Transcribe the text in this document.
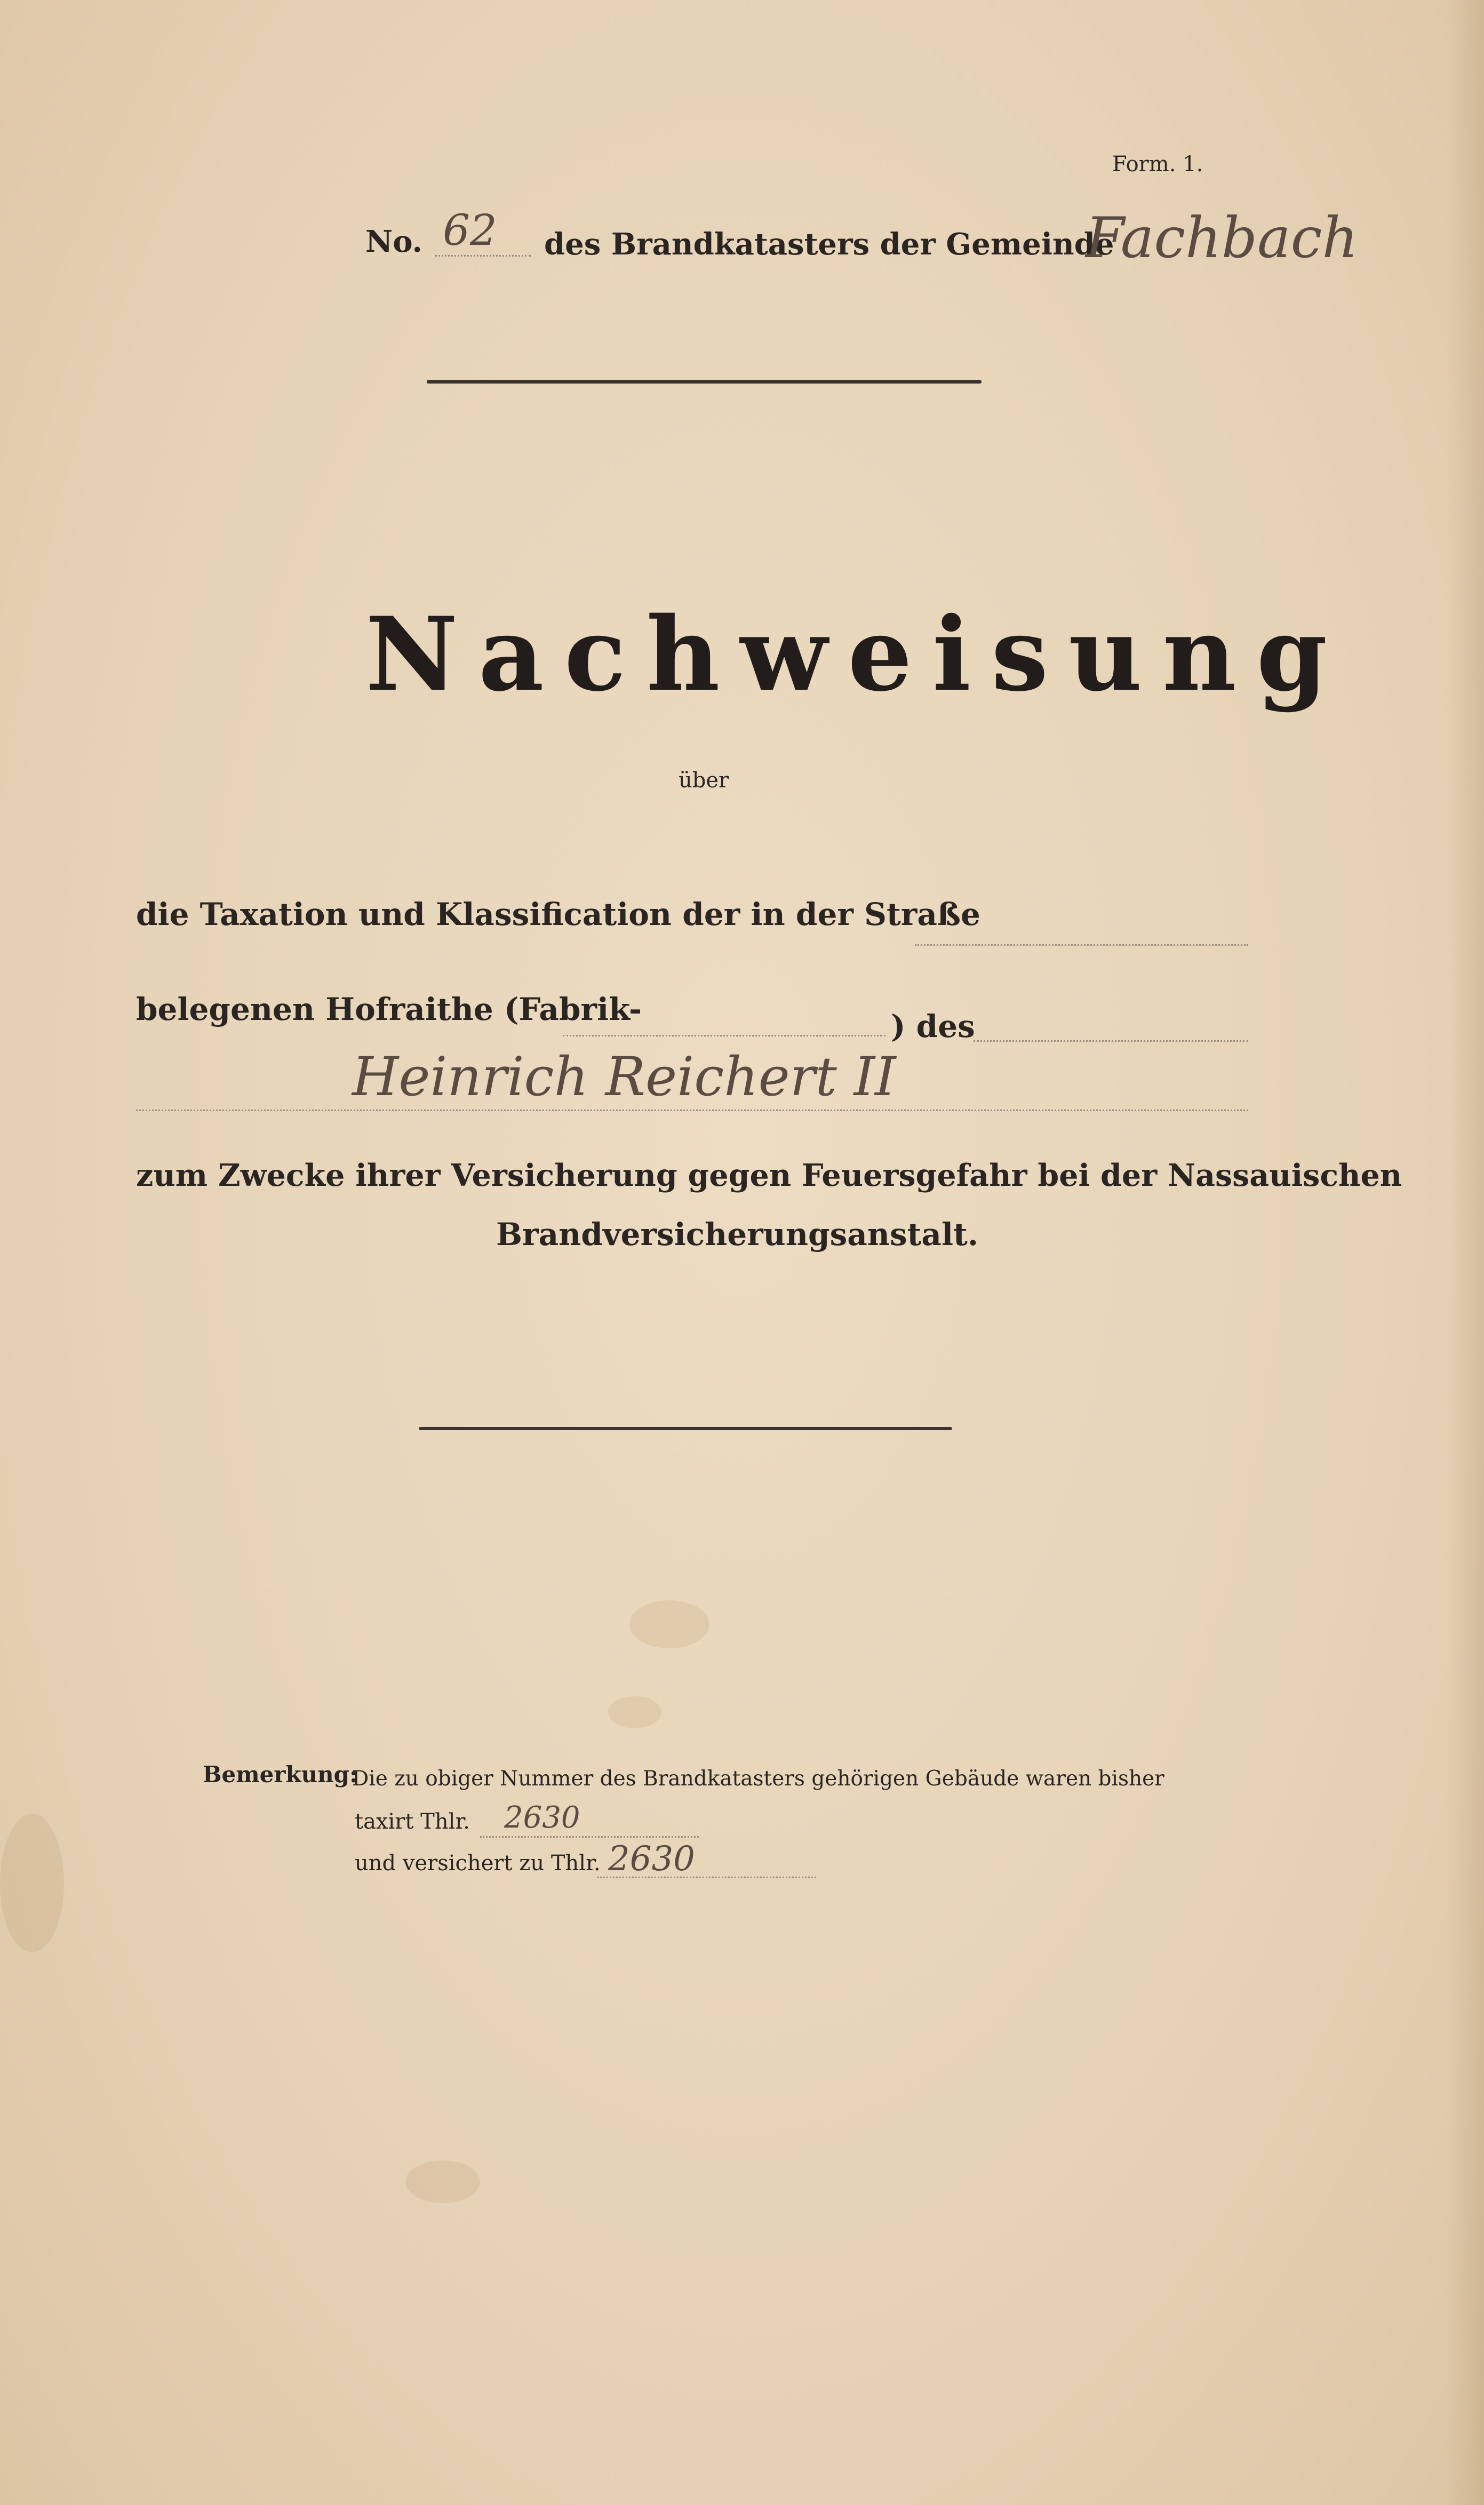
Form. 1.
No. 62 des Brandkatasters der Gemeinde
Fachbach
Nachweisung
über
die Taxation und Klassification der in der Straße
belegenen Hofraithe (Fabrik-	) des
Heinrich Reichert II
zum Zwecke ihrer Versicherung gegen Feuersgefahr bei der Nassauischen
Brandversicherungsanstalt.
Bemerkung:
Die zu obiger Nummer des Brandkatasters gehörigen Gebäude waren bisher
taxirt Thlr. 2630
und versichert zu Thlr. 2630
